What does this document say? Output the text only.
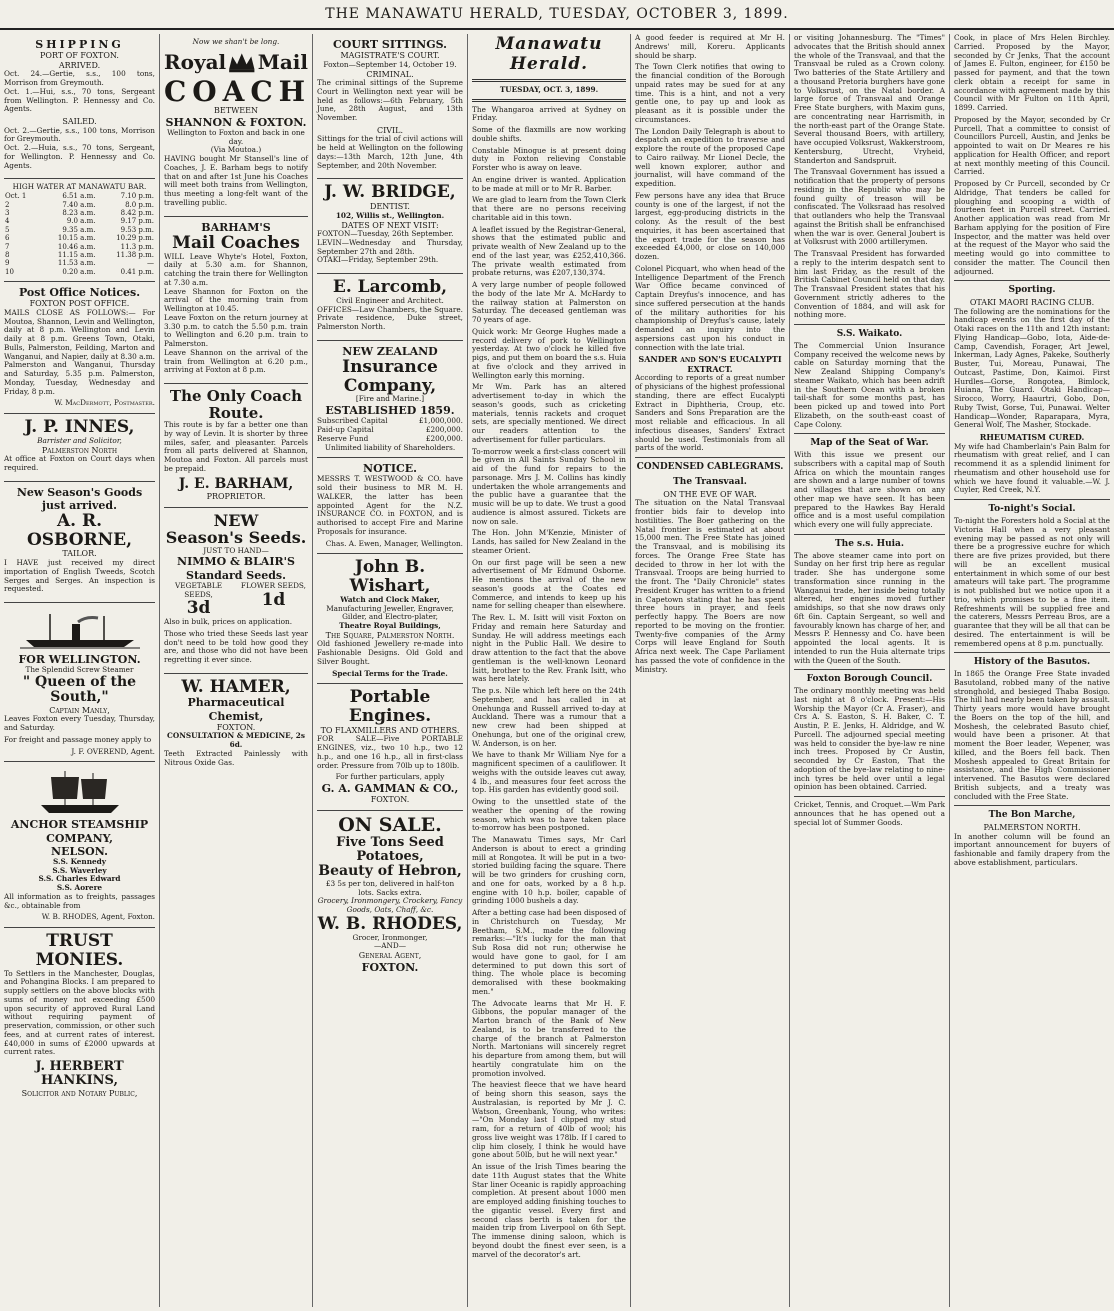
THE MANAWATU HERALD, TUESDAY, OCTOBER 3, 1899.
SHIPPING
PORT OF FOXTON.
ARRIVED.

Oct. 24.—Gertie, s.s., 100 tons, Morrison from Greymouth.
Oct. 1.—Hui, s.s., 70 tons, Sergeant from Wellington. P. Hennessy and Co. Agents.

SAILED.

Oct. 2.—Gertie, s.s., 100 tons, Morrison for Greymouth.
Oct. 2.—Huia, s.s., 70 tons, Sergeant, for Wellington. P. Hennessy and Co. Agents.

HIGH WATER AT MANAWATU BAR.
Oct. 1	6.51 a.m.	7.10 p.m.
2	7.40 a.m.	8.0 p.m.
3	8.23 a.m.	8.42 p.m.
4	9.0 a.m.	9.17 p.m.
5	9.35 a.m.	9.53 p.m.
6	10.15 a.m.	10.29 p.m.
7	10.46 a.m.	11.3 p.m.
8	11.15 a.m.	11.38 p.m.
9	11.53 a.m.	—
10	0.20 a.m.	0.41 p.m.
Post Office Notices.
FOXTON POST OFFICE.

MAILS CLOSE AS FOLLOWS:— For Moutoa, Shannon, Levin and Wellington, daily at 8 p.m. Wellington and Levin daily at 8 p.m. Greens Town, Otaki, Bulls, Palmerston, Feilding, Marton and Wanganui, and Napier, daily at 8.30 a.m. Palmerston and Wanganui, Thursday and Saturday, 5.35 p.m. Palmerston, Monday, Tuesday, Wednesday and Friday, 8 p.m.

W. MacDermott, Postmaster.
J. P. INNES,
Barrister and Solicitor,
Palmerston North

At office at Foxton on Court days when required.

New Season's Goods just arrived.
A. R. OSBORNE,
TAILOR.

I HAVE just received my direct importation of English Tweeds, Scotch Serges and Serges. An inspection is requested.

FOR WELLINGTON.
The Splendid Screw Steamer
" Queen of the South,"
Captain Manly,

Leaves Foxton every Tuesday, Thursday, and Saturday.

For freight and passage money apply to

J. F. OVEREND, Agent.
ANCHOR STEAMSHIP COMPANY,
NELSON.
S.S. Kennedy
S.S. Waverley
S.S. Charles Edward
S.S. Aorere

All information as to freights, passages &c., obtainable from

W. B. RHODES, Agent, Foxton.
TRUST MONIES.

To Settlers in the Manchester, Douglas, and Pohangina Blocks. I am prepared to supply settlers on the above blocks with sums of money not exceeding £500 upon security of approved Rural Land without requiring payment of preservation, commission, or other such fees, and at current rates of interest. £40,000 in sums of £2000 upwards at current rates.

J. HERBERT HANKINS,
Solicitor and Notary Public,
Now we shan't be long.
Royal Mail
COACH
BETWEEN
SHANNON & FOXTON.
Wellington to Foxton and back in one day.
(Via Moutoa.)

HAVING bought Mr Stansell's line of Coaches, J. E. Barham begs to notify that on and after 1st June his Coaches will meet both trains from Wellington, thus meeting a long-felt want of the travelling public.

BARHAM'S
Mail Coaches

WILL Leave Whyte's Hotel, Foxton, daily at 5.30 a.m. for Shannon, catching the train there for Wellington at 7.30 a.m.
Leave Shannon for Foxton on the arrival of the morning train from Wellington at 10.45.
Leave Foxton on the return journey at 3.30 p.m. to catch the 5.50 p.m. train to Wellington and 6.20 p.m. train to Palmerston.
Leave Shannon on the arrival of the train from Wellington at 6.20 p.m., arriving at Foxton at 8 p.m.

The Only Coach Route.

This route is by far a better one than by way of Levin. It is shorter by three miles, safer, and pleasanter. Parcels from all parts delivered at Shannon, Moutoa and Foxton. All parcels must be prepaid.

J. E. BARHAM,
PROPRIETOR.
NEW
Season's Seeds.
JUST TO HAND—
NIMMO & BLAIR'S
Standard Seeds.
VEGETABLE SEEDS,
3d
FLOWER SEEDS,
1d

Also in bulk, prices on application.

Those who tried these Seeds last year don't need to be told how good they are, and those who did not have been regretting it ever since.

W. HAMER,
Pharmaceutical Chemist,
FOXTON.
CONSULTATION & MEDICINE, 2s 6d.

Teeth Extracted Painlessly with Nitrous Oxide Gas.

COURT SITTINGS.
MAGISTRATE'S COURT.
Foxton—September 14, October 19.
CRIMINAL.

The criminal sittings of the Supreme Court in Wellington next year will be held as follows:—6th February, 5th June, 28th August, and 13th November.

CIVIL.

Sittings for the trial of civil actions will be held at Wellington on the following days:—13th March, 12th June, 4th September, and 20th November.

J. W. BRIDGE,
DENTIST.
102, Willis st., Wellington.
DATES OF NEXT VISIT:

FOXTON—Tuesday, 26th September.
LEVIN—Wednesday and Thursday, September 27th and 28th.
OTAKI—Friday, September 29th.

E. Larcomb,
Civil Engineer and Architect.

OFFICES—Law Chambers, the Square. Private residence, Duke street, Palmerston North.

NEW ZEALAND
Insurance Company,
[Fire and Marine.]
ESTABLISHED 1859.
Subscribed Capital	£1,000,000.
Paid-up Capital	£200,000.
Reserve Fund	£200,000.
Unlimited liability of Shareholders.
NOTICE.

MESSRS T. WESTWOOD & CO. have sold their business to MR M. H. WALKER, the latter has been appointed Agent for the N.Z. INSURANCE CO. in FOXTON, and is authorised to accept Fire and Marine Proposals for insurance.

Chas. A. Ewen, Manager, Wellington.
John B. Wishart,
Watch and Clock Maker,
Manufacturing Jeweller, Engraver, Gilder, and Electro-plater,
Theatre Royal Buildings,
The Square, Palmerston North.

Old fashioned Jewellery re-made into Fashionable Designs. Old Gold and Silver Bought.

Special Terms for the Trade.
Portable Engines.
TO FLAXMILLERS AND OTHERS.

FOR SALE—Five PORTABLE ENGINES, viz., two 10 h.p., two 12 h.p., and one 16 h.p., all in first-class order. Pressure from 70lb up to 180lb.

For further particulars, apply
G. A. GAMMAN & CO.,
FOXTON.
ON SALE.
Five Tons Seed Potatoes,
Beauty of Hebron,
£3 5s per ton, delivered in half-ton lots. Sacks extra.
Grocery, Ironmongery, Crockery, Fancy Goods, Oats, Chaff, &c.
W. B. RHODES,
Grocer, Ironmonger,
—AND—
General Agent,
FOXTON.
Manawatu Herald.
TUESDAY, OCT. 3, 1899.

The Whangaroa arrived at Sydney on Friday.

Some of the flaxmills are now working double shifts.

Constable Minogue is at present doing duty in Foxton relieving Constable Forster who is away on leave.

An engine driver is wanted. Application to be made at mill or to Mr R. Barber.

We are glad to learn from the Town Clerk that there are no persons receiving charitable aid in this town.

A leaflet issued by the Registrar-General, shows that the estimated public and private wealth of New Zealand up to the end of the last year, was £252,410,366. The private wealth estimated from probate returns, was £207,130,374.

A very large number of people followed the body of the late Mr A. McHardy to the railway station at Palmerston on Saturday. The deceased gentleman was 70 years of age.

Quick work: Mr George Hughes made a record delivery of pork to Wellington yesterday. At two o'clock he killed five pigs, and put them on board the s.s. Huia at five o'clock and they arrived in Wellington early this morning.

Mr Wm. Park has an altered advertisement to-day in which the season's goods, such as cricketing materials, tennis rackets and croquet sets, are specially mentioned. We direct our readers attention to the advertisement for fuller particulars.

To-morrow week a first-class concert will be given in All Saints Sunday School in aid of the fund for repairs to the parsonage. Mrs J. M. Collins has kindly undertaken the whole arrangements and the public have a guarantee that the music will be up to date. We trust a good audience is almost assured. Tickets are now on sale.

The Hon. John M'Kenzie, Minister of Lands, has sailed for New Zealand in the steamer Orient.

On our first page will be seen a new advertisement of Mr Edmund Osborne. He mentions the arrival of the new season's goods at the Coates ed Commerce, and intends to keep up his name for selling cheaper than elsewhere.

The Rev. L. M. Isitt will visit Foxton on Friday and remain here Saturday and Sunday. He will address meetings each night in the Public Hall. We desire to draw attention to the fact that the above gentleman is the well-known Leonard Isitt, brother to the Rev. Frank Isitt, who was here lately.

The p.s. Nile which left here on the 24th September, and has called in at Onehunga and Russell arrived to-day at Auckland. There was a rumour that a new crew had been shipped at Onehunga, but one of the original crew, W. Anderson, is on her.

We have to thank Mr William Nye for a magnificent specimen of a cauliflower. It weighs with the outside leaves cut away, 4 lb., and measures four feet across the top. His garden has evidently good soil.

Owing to the unsettled state of the weather the opening of the rowing season, which was to have taken place to-morrow has been postponed.

The Manawatu Times says, Mr Carl Anderson is about to erect a grinding mill at Rongotea. It will be put in a two-storied building facing the square. There will be two grinders for crushing corn, and one for oats, worked by a 8 h.p. engine with 10 h.p. boiler, capable of grinding 1000 bushels a day.

After a betting case had been disposed of in Christchurch on Tuesday, Mr Beetham, S.M., made the following remarks:—"It's lucky for the man that Sub Rosa did not run; otherwise he would have gone to gaol, for I am determined to put down this sort of thing. The whole place is becoming demoralised with these bookmaking men."

The Advocate learns that Mr H. F. Gibbons, the popular manager of the Marton branch of the Bank of New Zealand, is to be transferred to the charge of the branch at Palmerston North. Martonians will sincerely regret his departure from among them, but will heartily congratulate him on the promotion involved.

The heaviest fleece that we have heard of being shorn this season, says the Australasian, is reported by Mr J. C. Watson, Greenbank, Young, who writes:—"On Monday last I clipped my stud ram, for a return of 40lb of wool; his gross live weight was 178lb. If I cared to clip him closely, I think he would have gone about 50lb, but he will next year."

An issue of the Irish Times bearing the date 11th August states that the White Star liner Oceanic is rapidly approaching completion. At present about 1000 men are employed adding finishing touches to the gigantic vessel. Every first and second class berth is taken for the maiden trip from Liverpool on 6th Sept. The immense dining saloon, which is beyond doubt the finest ever seen, is a marvel of the decorator's art.

A good feeder is required at Mr H. Andrews' mill, Koreru. Applicants should be sharp.

The Town Clerk notifies that owing to the financial condition of the Borough unpaid rates may be sued for at any time. This is a hint, and not a very gentle one, to pay up and look as pleasant as it is possible under the circumstances.

The London Daily Telegraph is about to despatch an expedition to traverse and explore the route of the proposed Cape to Cairo railway. Mr Lionel Decle, the well known explorer, author and journalist, will have command of the expedition.

Few persons have any idea that Bruce county is one of the largest, if not the largest, egg-producing districts in the colony. As the result of the best enquiries, it has been ascertained that the export trade for the season has exceeded £4,000, or close on 140,000 dozen.

Colonel Picquart, who when head of the Intelligence Department of the French War Office became convinced of Captain Dreyfus's innocence, and has since suffered persecution at the hands of the military authorities for his championship of Dreyfus's cause, lately demanded an inquiry into the aspersions cast upon his conduct in connection with the late trial.

SANDER and SON'S EUCALYPTI EXTRACT.

According to reports of a great number of physicians of the highest professional standing, there are effect Eucalypti Extract in Diphtheria, Croup, etc. Sanders and Sons Preparation are the most reliable and efficacious. In all infectious diseases, Sanders' Extract should be used. Testimonials from all parts of the world.

CONDENSED CABLEGRAMS.
The Transvaal.
ON THE EVE OF WAR.

The situation on the Natal Transvaal frontier bids fair to develop into hostilities. The Boer gathering on the Natal frontier is estimated at about 15,000 men. The Free State has joined the Transvaal, and is mobilising its forces. The Orange Free State has decided to throw in her lot with the Transvaal. Troops are being hurried to the front. The "Daily Chronicle" states President Kruger has written to a friend in Capetown stating that he has spent three hours in prayer, and feels perfectly happy. The Boers are now reported to be moving on the frontier. Twenty-five companies of the Army Corps will leave England for South Africa next week. The Cape Parliament has passed the vote of confidence in the Ministry.

or visiting Johannesburg. The "Times" advocates that the British should annex the whole of the Transvaal, and that the Transvaal be ruled as a Crown colony. Two batteries of the State Artillery and a thousand Pretoria burghers have gone to Volksrust, on the Natal border. A large force of Transvaal and Orange Free State burghers, with Maxim guns, are concentrating near Harrismith, in the north-east part of the Orange State. Several thousand Boers, with artillery, have occupied Volksrust, Wakkerstroom, Kentersburg, Utrecht, Vryheid, Standerton and Sandspruit.

The Transvaal Government has issued a notification that the property of persons residing in the Republic who may be found guilty of treason will be confiscated. The Volksraad has resolved that outlanders who help the Transvaal against the British shall be enfranchised when the war is over. General Joubert is at Volksrust with 2000 artillerymen.

The Transvaal President has forwarded a reply to the interim despatch sent to him last Friday, as the result of the British Cabinet Council held on that day. The Transvaal President states that his Government strictly adheres to the Convention of 1884, and will ask for nothing more.

S.S. Waikato.

The Commercial Union Insurance Company received the welcome news by cable on Saturday morning that the New Zealand Shipping Company's steamer Waikato, which has been adrift in the Southern Ocean with a broken tail-shaft for some months past, has been picked up and towed into Port Elizabeth, on the south-east coast of Cape Colony.

Map of the Seat of War.

With this issue we present our subscribers with a capital map of South Africa on which the mountain ranges are shown and a large number of towns and villages that are shown on any other map we have seen. It has been prepared to the Hawkes Bay Herald office and is a most useful compilation which every one will fully appreciate.

The s.s. Huia.

The above steamer came into port on Sunday on her first trip here as regular trader. She has undergone some transformation since running in the Wanganui trade, her inside being totally altered, her engines moved further amidships, so that she now draws only 6ft 6in. Captain Sergeant, so well and favourably known has charge of her, and Messrs P. Hennessy and Co. have been appointed the local agents. It is intended to run the Huia alternate trips with the Queen of the South.

Foxton Borough Council.

The ordinary monthly meeting was held last night at 8 o'clock. Present:—His Worship the Mayor (Cr A. Fraser), and Crs A. S. Easton, S. H. Baker, C. T. Austin, P. E. Jenks, H. Aldridge, and W. Purcell. The adjourned special meeting was held to consider the bye-law re nine inch trees. Proposed by Cr Austin, seconded by Cr Easton, That the adoption of the bye-law relating to nine-inch tyres be held over until a legal opinion has been obtained. Carried.

Cricket, Tennis, and Croquet.—Wm Park announces that he has opened out a special lot of Summer Goods.

Cook, in place of Mrs Helen Birchley. Carried. Proposed by the Mayor, seconded by Cr Jenks, That the account of James E. Fulton, engineer, for £150 be passed for payment, and that the town clerk obtain a receipt for same in accordance with agreement made by this Council with Mr Fulton on 11th April, 1899. Carried.

Proposed by the Mayor, seconded by Cr Purcell, That a committee to consist of Councillors Purcell, Austin, and Jenks be appointed to wait on Dr Meares re his application for Health Officer, and report at next monthly meeting of this Council. Carried.

Proposed by Cr Purcell, seconded by Cr Aldridge, That tenders be called for ploughing and scooping a width of fourteen feet in Purcell street. Carried. Another application was read from Mr Barham applying for the position of Fire Inspector, and the matter was held over at the request of the Mayor who said the meeting would go into committee to consider the matter. The Council then adjourned.

Sporting.
OTAKI MAORI RACING CLUB.

The following are the nominations for the handicap events on the first day of the Otaki races on the 11th and 12th instant: Flying Handicap—Gobo, Iota, Aide-de-Camp, Cavendish, Forager, Art Jewel, Inkerman, Lady Agnes, Pakeke, Southerly Buster, Tui, Moreau, Punawai, The Outcast, Pastime, Don, Kaimoi. First Hurdles—Gorse, Rongotea, Bimlock, Huiana, The Guard. Otaki Handicap—Sirocco, Worry, Haaurtri, Gobo, Don, Ruby Twist, Gorse, Tui, Punawai. Welter Handicap—Wonder, Raparapara, Myra, General Wolf, The Masher, Stockade.

RHEUMATISM CURED.

My wife had Chamberlain's Pain Balm for rheumatism with great relief, and I can recommend it as a splendid liniment for rheumatism and other household use for which we have found it valuable.—W. J. Cuyler, Red Creek, N.Y.

To-night's Social.

To-night the Foresters hold a Social at the Victoria Hall when a very pleasant evening may be passed as not only will there be a progressive euchre for which there are five prizes provided, but there will be an excellent musical entertainment in which some of our best amateurs will take part. The programme is not published but we notice upon it a trio, which promises to be a fine item. Refreshments will be supplied free and the caterers, Messrs Perreau Bros, are a guarantee that they will be all that can be desired. The entertainment is will be remembered opens at 8 p.m. punctually.

History of the Basutos.

In 1865 the Orange Free State invaded Basutoland, robbed many of the native stronghold, and besieged Thaba Bosigo. The hill had nearly been taken by assault. Thirty years more would have brought the Boers on the top of the hill, and Moshesh, the celebrated Basuto chief, would have been a prisoner. At that moment the Boer leader, Wepener, was killed, and the Boers fell back. Then Moshesh appealed to Great Britain for assistance, and the High Commissioner intervened. The Basutos were declared British subjects, and a treaty was concluded with the Free State.

The Bon Marche,
PALMERSTON NORTH.

In another column will be found an important announcement for buyers of fashionable and family drapery from the above establishment, particulars.
